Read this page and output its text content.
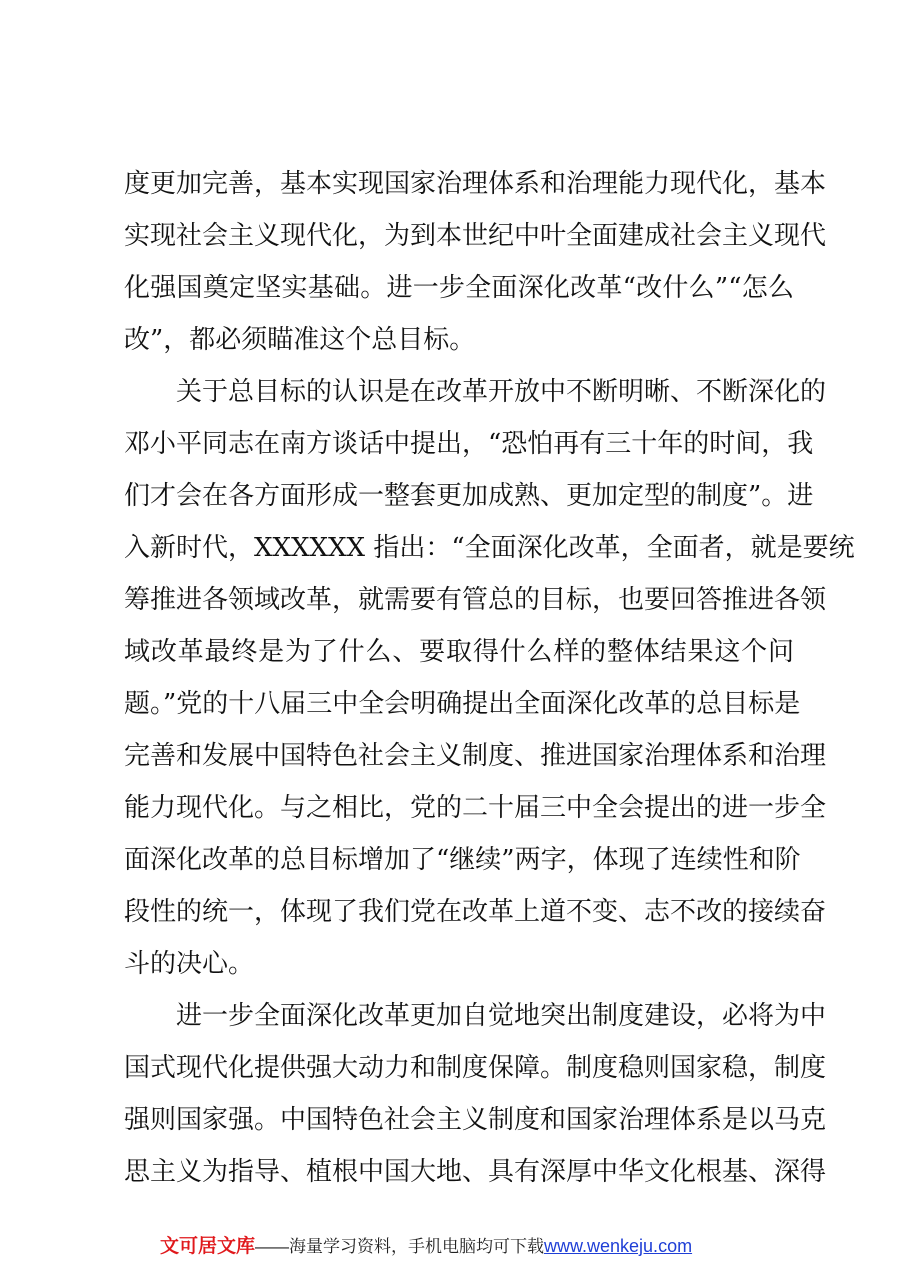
度更加完善，基本实现国家治理体系和治理能力现代化，基本
实现社会主义现代化，为到本世纪中叶全面建成社会主义现代
化强国奠定坚实基础。进一步全面深化改革“改什么”“怎么
改”，都必须瞄准这个总目标。
关于总目标的认识是在改革开放中不断明晰、不断深化的
邓小平同志在南方谈话中提出，“恐怕再有三十年的时间，我
们才会在各方面形成一整套更加成熟、更加定型的制度”。进
入新时代，XXXXXX 指出：“全面深化改革，全面者，就是要统
筹推进各领域改革，就需要有管总的目标，也要回答推进各领
域改革最终是为了什么、要取得什么样的整体结果这个问
题。”党的十八届三中全会明确提出全面深化改革的总目标是
完善和发展中国特色社会主义制度、推进国家治理体系和治理
能力现代化。与之相比，党的二十届三中全会提出的进一步全
面深化改革的总目标增加了“继续”两字，体现了连续性和阶
段性的统一，体现了我们党在改革上道不变、志不改的接续奋
斗的决心。
进一步全面深化改革更加自觉地突出制度建设，必将为中
国式现代化提供强大动力和制度保障。制度稳则国家稳，制度
强则国家强。中国特色社会主义制度和国家治理体系是以马克
思主义为指导、植根中国大地、具有深厚中华文化根基、深得
文可居文库——海量学习资料，手机电脑均可下载www.wenkeju.com
